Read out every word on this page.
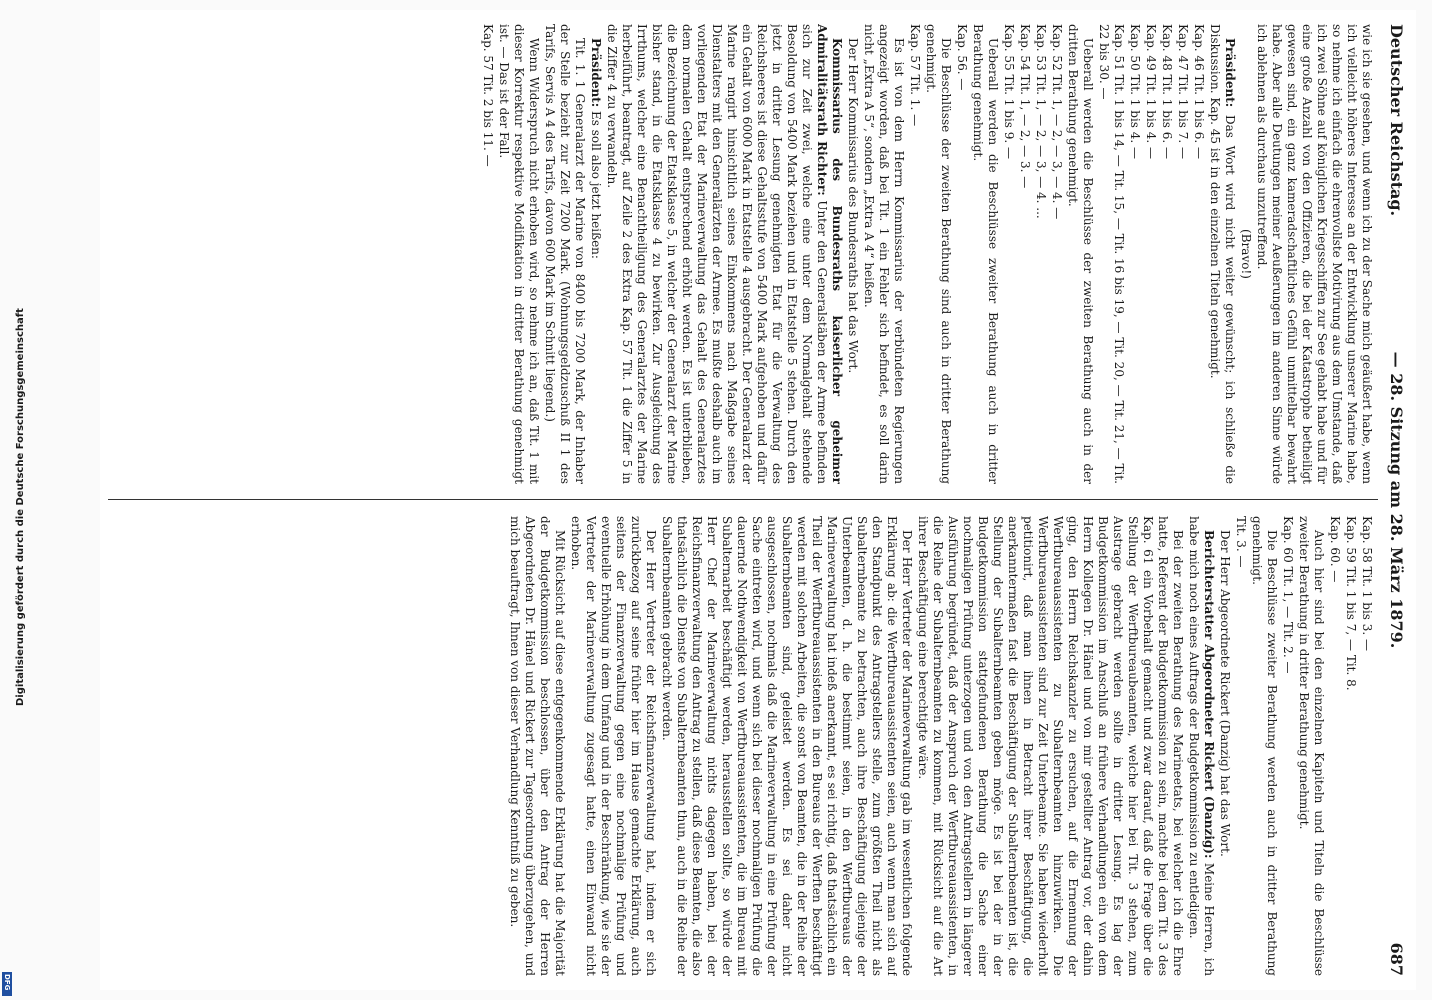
Deutscher Reichstag.
— 28. Sitzung am 28. März 1879.
687

wie ich sie gesehen, und wenn ich zu der Sache mich geäußert habe, wenn ich vielleicht höheres Interesse an der Entwicklung unserer Marine habe, so nehme ich einfach die ehrenvollste Motivirung aus dem Umstande, daß ich zwei Söhne auf königlichen Kriegsschiffen zur See gehabt habe und für eine große Anzahl von den Offizieren, die bei der Katastrophe betheiligt gewesen sind, ein ganz kameradschaftliches Gefühl unmittelbar bewahrt habe. Aber alle Deutungen meiner Aeußerungen im anderen Sinne würde ich ablehnen als durchaus unzutreffend.

(Bravo!)

Präsident: Das Wort wird nicht weiter gewünscht; ich schließe die Diskussion. Kap. 45 ist in den einzelnen Titeln genehmigt.

Kap. 46 Tit. 1 bis 6. —

Kap. 47 Tit. 1 bis 7. —

Kap. 48 Tit. 1 bis 6. —

Kap. 49 Tit. 1 bis 4. —

Kap. 50 Tit. 1 bis 4. —

Kap. 51 Tit. 1 bis 14, — Tit. 15, — Tit. 16 bis 19, — Tit. 20, — Tit. 21, — Tit. 22 bis 30. —

Ueberall werden die Beschlüsse der zweiten Berathung auch in der dritten Berathung genehmigt.

Kap. 52 Tit. 1, — 2, — 3, — 4. —

Kap. 53 Tit. 1, — 2, — 3, — 4. ...

Kap. 54 Tit. 1, — 2, — 3. —

Kap. 55 Tit. 1 bis 9. —

Ueberall werden die Beschlüsse zweiter Berathung auch in dritter Berathung genehmigt.

Kap. 56. —

Die Beschlüsse der zweiten Berathung sind auch in dritter Berathung genehmigt.

Kap. 57 Tit. 1. —

Es ist von dem Herrn Kommissarius der verbündeten Regierungen angezeigt worden, daß bei Tit. 1 ein Fehler sich befindet, es soll darin nicht „Extra A 5“, sondern „Extra A 4“ heißen.

Der Herr Kommissarius des Bundesraths hat das Wort.

Kommissarius des Bundesraths kaiserlicher geheimer Admiralitätsrath Richter: Unter den Generalstäben der Armee befinden sich zur Zeit zwei, welche eine unter dem Normalgehalt stehende Besoldung von 5400 Mark beziehen und in Etatstelle 5 stehen. Durch den jetzt in dritter Lesung genehmigten Etat für die Verwaltung des Reichsheeres ist diese Gehaltsstufe von 5400 Mark aufgehoben und dafür ein Gehalt von 6000 Mark in Etatstelle 4 ausgebracht. Der Generalarzt der Marine rangirt hinsichtlich seines Einkommens nach Maßgabe seines Dienstalters mit den Generalärzten der Armee. Es mußte deshalb auch im vorliegenden Etat der Marineverwaltung das Gehalt des Generalarztes dem normalen Gehalt entsprechend erhöht werden. Es ist unterblieben, die Bezeichnung der Etatsklasse 5, in welcher der Generalarzt der Marine bisher stand, in die Etatsklasse 4 zu bewirken. Zur Ausgleichung des Irrthums, welcher eine Benachtheiligung des Generalarztes der Marine herbeiführt, beantragt, auf Zeile 2 des Extra Kap. 57 Tit. 1 die Ziffer 5 in die Ziffer 4 zu verwandeln.

Präsident: Es soll also jetzt heißen:

Tit. 1. 1 Generalarzt der Marine von 8400 bis 7200 Mark, der Inhaber der Stelle bezieht zur Zeit 7200 Mark. (Wohnungsgeldzuschuß II 1 des Tarifs, Servis A 4 des Tarifs, davon 600 Mark im Schnitt liegend.)

Wenn Widerspruch nicht erhoben wird, so nehme ich an, daß Tit. 1 mit dieser Korrektur respektive Modifikation in dritter Berathung genehmigt ist. — Das ist der Fall.

Kap. 57 Tit. 2 bis 11. —

Kap. 58 Tit. 1 bis 3. —

Kap. 59 Tit. 1 bis 7, — Tit. 8.

Kap. 60. —

Auch hier sind bei den einzelnen Kapiteln und Titeln die Beschlüsse zweiter Berathung in dritter Berathung genehmigt.

Kap. 60 Tit. 1, — Tit. 2. —

Die Beschlüsse zweiter Berathung werden auch in dritter Berathung genehmigt.

Tit. 3. —

Der Herr Abgeordnete Rickert (Danzig) hat das Wort.

Berichterstatter Abgeordneter Rickert (Danzig): Meine Herren, ich habe mich noch eines Auftrags der Budgetkommission zu entledigen.

Bei der zweiten Berathung des Marineetats, bei welcher ich die Ehre hatte, Referent der Budgetkommission zu sein, machte bei dem Tit. 3 des Kap. 61 ein Vorbehalt gemacht und zwar darauf, daß die Frage über die Stellung der Werftbureaubeamten, welche hier bei Tit. 3 stehen, zum Austrage gebracht werden sollte in dritter Lesung. Es lag der Budgetkommission im Anschluß an frühere Verhandlungen ein von dem Herrn Kollegen Dr. Hänel und von mir gestellter Antrag vor, der dahin ging, den Herrn Reichskanzler zu ersuchen, auf die Ernennung der Werftbureauassistenten zu Subalternbeamten hinzuwirken. Die Werftbureauassistenten sind zur Zeit Unterbeamte. Sie haben wiederholt petitionirt, daß man ihnen in Betracht ihrer Beschäftigung, die anerkanntermaßen fast die Beschäftigung der Subalternbeamten ist, die Stellung der Subalternbeamten geben möge. Es ist bei der in der Budgetkommission stattgefundenen Berathung die Sache einer nochmaligen Prüfung unterzogen und von den Antragstellern in längerer Ausführung begründet, daß der Anspruch der Werftbureauassistenten, in die Reihe der Subalternbeamten zu kommen, mit Rücksicht auf die Art ihrer Beschäftigung eine berechtigte wäre.

Der Herr Vertreter der Marineverwaltung gab im wesentlichen folgende Erklärung ab: die Werftbureauassistenten seien, auch wenn man sich auf den Standpunkt des Antragstellers stelle, zum größten Theil nicht als Subalternbeamte zu betrachten, auch ihre Beschäftigung diejenige der Unterbeamten, d. h. die bestimmt seien, in den Werftbureaus der Marineverwaltung hat indeß anerkannt, es sei richtig, daß thatsächlich ein Theil der Werftbureauassistenten in den Bureaus der Werften beschäftigt werden mit solchen Arbeiten, die sonst von Beamten, die in der Reihe der Subalternbeamten sind, geleistet werden. Es sei daher nicht ausgeschlossen, nochmals daß die Marineverwaltung in eine Prüfung der Sache eintreten wird, und wenn sich bei dieser nochmaligen Prüfung die dauernde Nothwendigkeit von Werftbureauassistenten, die im Bureau mit Subalternarbeit beschäftigt werden, herausstellen sollte, so würde der Herr Chef der Marineverwaltung nichts dagegen haben, bei der Reichsfinanzverwaltung den Antrag zu stellen, daß diese Beamten, die also thatsächlich die Dienste von Subalternbeamten thun, auch in die Reihe der Subalternbeamten gebracht werden.

Der Herr Vertreter der Reichsfinanzverwaltung hat, indem er sich zurückbezog auf seine früher hier im Hause gemachte Erklärung, auch seitens der Finanzverwaltung gegen eine nochmalige Prüfung und eventuelle Erhöhung in dem Umfang und in der Beschränkung, wie sie der Vertreter der Marineverwaltung zugesagt hatte, einen Einwand nicht erhoben.

Mit Rücksicht auf diese entgegenkommende Erklärung hat die Majorität der Budgetkommission beschlossen, über den Antrag der Herren Abgeordneten Dr. Hänel und Rickert zur Tagesordnung überzugehen, und mich beauftragt, Ihnen von dieser Verhandlung Kenntniß zu geben.

Digitalisierung gefördert durch die Deutsche Forschungsgemeinschaft
DFG
